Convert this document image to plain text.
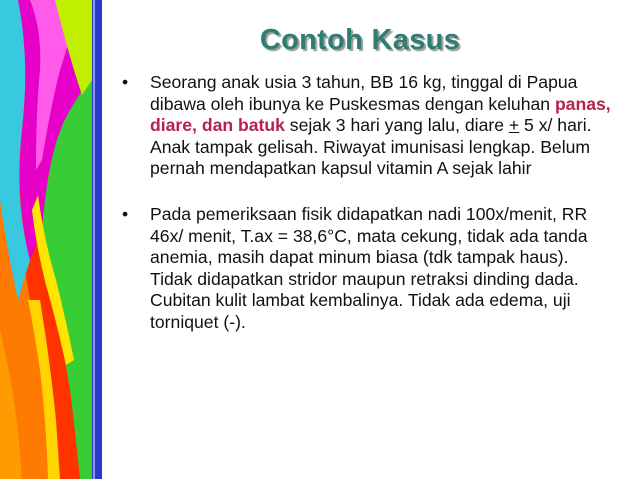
Contoh Kasus
• Seorang anak usia 3 tahun, BB 16 kg, tinggal di Papua dibawa oleh ibunya ke Puskesmas dengan keluhan panas, diare, dan batuk sejak 3 hari yang lalu, diare + 5 x/ hari. Anak tampak gelisah. Riwayat imunisasi lengkap. Belum pernah mendapatkan kapsul vitamin A sejak lahir
• Pada pemeriksaan fisik didapatkan nadi 100x/menit, RR 46x/ menit, T.ax = 38,6°C, mata cekung, tidak ada tanda anemia, masih dapat minum biasa (tdk tampak haus). Tidak didapatkan stridor maupun retraksi dinding dada. Cubitan kulit lambat kembalinya. Tidak ada edema, uji torniquet (-).
